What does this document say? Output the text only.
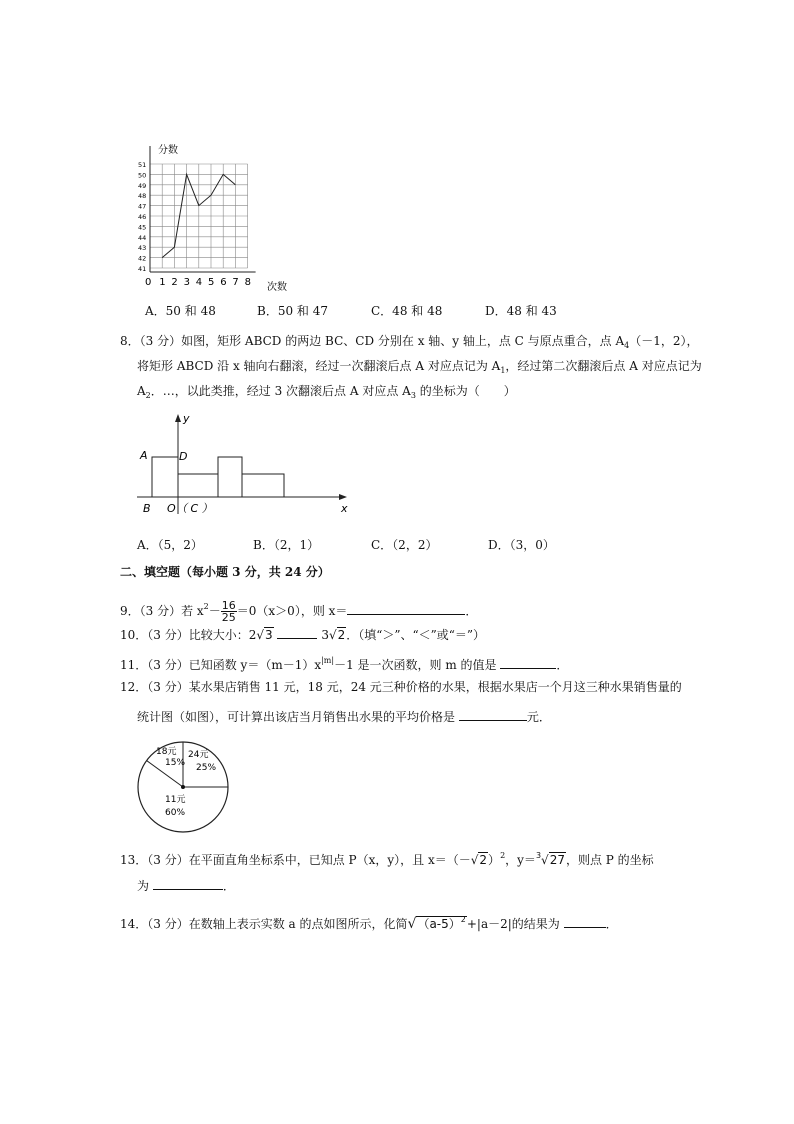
0 1 2 3 4 5 6 7 8
41
42
43
44
45
46
47
48
49
50
51
分数
次数
A．50 和 48	B．50 和 47	C．48 和 48	D．48 和 43
8．（3 分）如图，矩形 ABCD 的两边 BC、CD 分别在 x 轴、y 轴上，点 C 与原点重合，点 $A_4(-1$，2），
将矩形 ABCD 沿 x 轴向右翻滚，经过一次翻滚后点 A 对应点记为 $A_1$，经过第二次翻滚后点 A 对应点记为
$A_2$．…，以此类推，经过 3 次翻滚后点 A 对应点 $A_3$ 的坐标为（　　）
y
x
A	D
B O （ C ）
A．（5，2）	B．（2，1）	C．（2，2）	D．（3，0）
二、填空题（每小题 3 分，共 24 分）
9．（3 分）若 $x^2- \frac{16}{25} =0(x>0)$，则 x＝	．
10．（3 分）比较大小：2√3	3√2．（填“＞”、“＜”或“＝”）
11．（3 分）已知函数 $y=(m-1)x^{|m|}-1$ 是一次函数，则 m 的值是	．
12．（3 分）某水果店销售 11 元，18 元，24 元三种价格的水果，根据水果店一个月这三种水果销售量的
统计图（如图），可计算出该店当月销售出水果的平均价格是	元．
18元
15%
24元
25%
11元
60%
13．（3 分）在平面直角坐标系中，已知点 P（x，y），且 $x=(-√2)^2$，y＝$^3$√27，则点 P 的坐标
为	．
14．（3 分）在数轴上表示实数 a 的点如图所示，化简$√(a-5)^2+|a-2|$的结果为	．
